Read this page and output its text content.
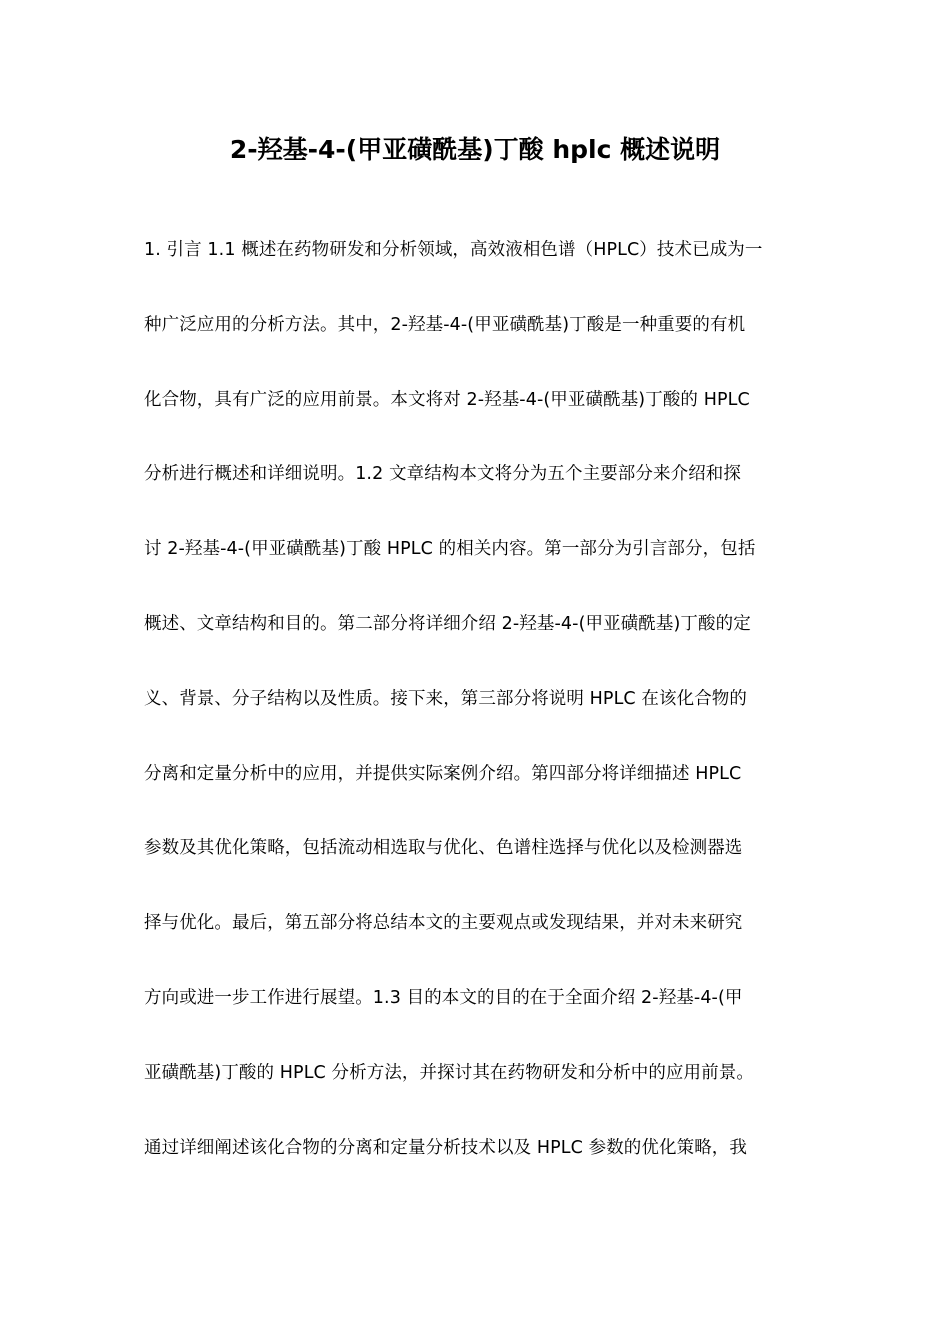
2-羟基-4-(甲亚磺酰基)丁酸 hplc 概述说明
1. 引言 1.1 概述在药物研发和分析领域，高效液相色谱（HPLC）技术已成为一
种广泛应用的分析方法。其中，2-羟基-4-(甲亚磺酰基)丁酸是一种重要的有机
化合物，具有广泛的应用前景。本文将对 2-羟基-4-(甲亚磺酰基)丁酸的 HPLC
分析进行概述和详细说明。1.2 文章结构本文将分为五个主要部分来介绍和探
讨 2-羟基-4-(甲亚磺酰基)丁酸 HPLC 的相关内容。第一部分为引言部分，包括
概述、文章结构和目的。第二部分将详细介绍 2-羟基-4-(甲亚磺酰基)丁酸的定
义、背景、分子结构以及性质。接下来，第三部分将说明 HPLC 在该化合物的
分离和定量分析中的应用，并提供实际案例介绍。第四部分将详细描述 HPLC
参数及其优化策略，包括流动相选取与优化、色谱柱选择与优化以及检测器选
择与优化。最后，第五部分将总结本文的主要观点或发现结果，并对未来研究
方向或进一步工作进行展望。1.3 目的本文的目的在于全面介绍 2-羟基-4-(甲
亚磺酰基)丁酸的 HPLC 分析方法，并探讨其在药物研发和分析中的应用前景。
通过详细阐述该化合物的分离和定量分析技术以及 HPLC 参数的优化策略，我
